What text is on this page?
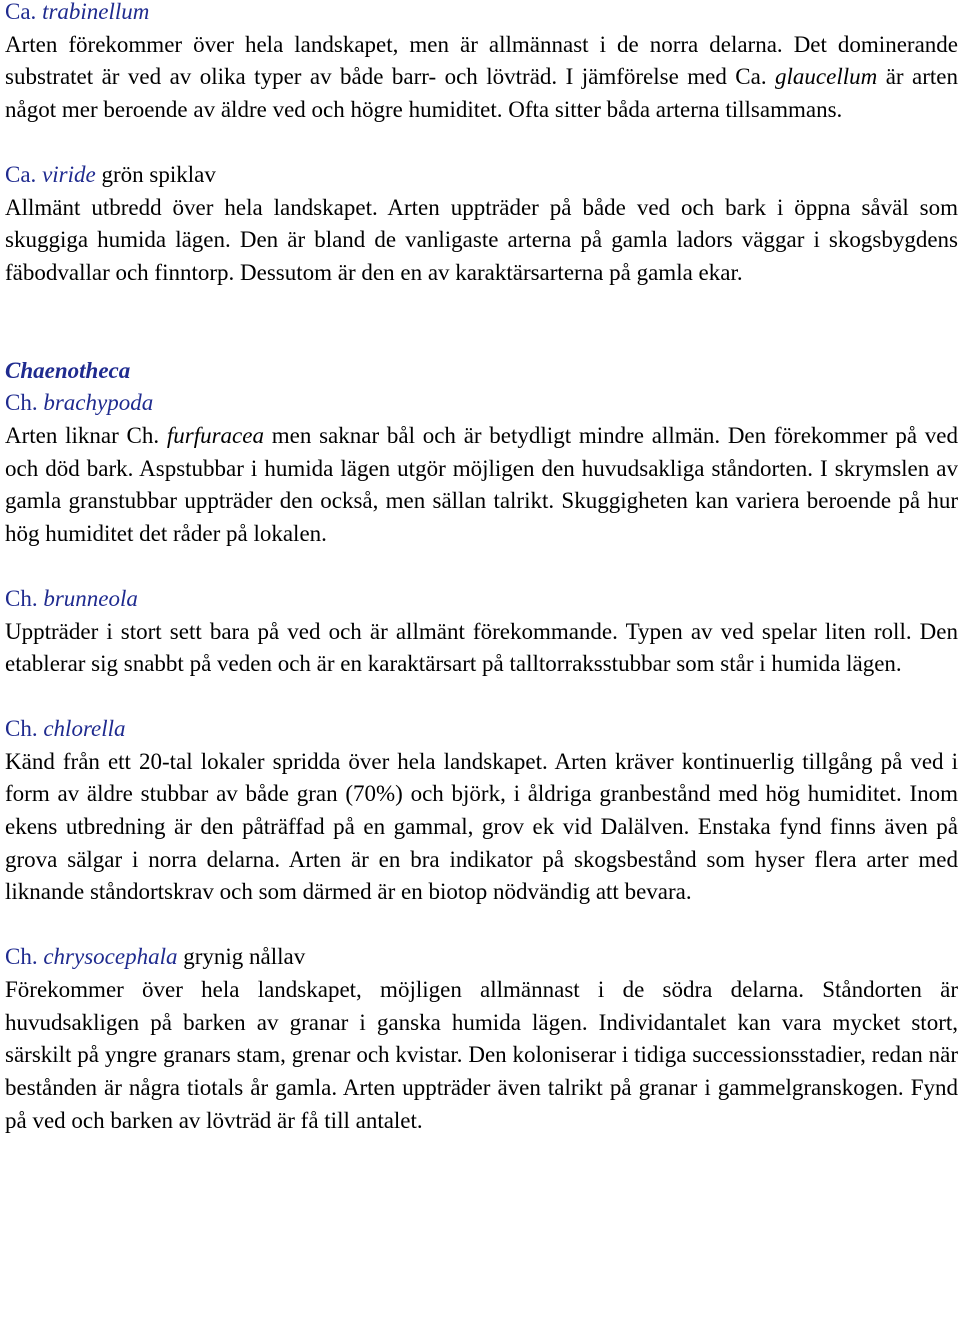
Ca. trabinellum

Arten förekommer över hela landskapet, men är allmännast i de norra delarna. Det dominerande substratet är ved av olika typer av både barr- och lövträd. I jämförelse med Ca. glaucellum är arten något mer beroende av äldre ved och högre humiditet. Ofta sitter båda arterna tillsammans.

Ca. viride grön spiklav

Allmänt utbredd över hela landskapet. Arten uppträder på både ved och bark i öppna såväl som skuggiga humida lägen. Den är bland de vanligaste arterna på gamla ladors väggar i skogsbygdens fäbodvallar och finntorp. Dessutom är den en av karaktärsarterna på gamla ekar.

Chaenotheca
Ch. brachypoda

Arten liknar Ch. furfuracea men saknar bål och är betydligt mindre allmän. Den förekommer på ved och död bark. Aspstubbar i humida lägen utgör möjligen den huvudsakliga ståndorten. I skrymslen av gamla granstubbar uppträder den också, men sällan talrikt. Skuggigheten kan variera beroende på hur hög humiditet det råder på lokalen.

Ch. brunneola

Uppträder i stort sett bara på ved och är allmänt förekommande. Typen av ved spelar liten roll. Den etablerar sig snabbt på veden och är en karaktärsart på talltorraksstubbar som står i humida lägen.

Ch. chlorella

Känd från ett 20-tal lokaler spridda över hela landskapet. Arten kräver kontinuerlig tillgång på ved i form av äldre stubbar av både gran (70%) och björk, i åldriga granbestånd med hög humiditet. Inom ekens utbredning är den påträffad på en gammal, grov ek vid Dalälven. Enstaka fynd finns även på grova sälgar i norra delarna. Arten är en bra indikator på skogsbestånd som hyser flera arter med liknande ståndortskrav och som därmed är en biotop nödvändig att bevara.

Ch. chrysocephala grynig nållav

Förekommer över hela landskapet, möjligen allmännast i de södra delarna. Ståndorten är huvudsakligen på barken av granar i ganska humida lägen. Individantalet kan vara mycket stort, särskilt på yngre granars stam, grenar och kvistar. Den koloniserar i tidiga successionsstadier, redan när bestånden är några tiotals år gamla. Arten uppträder även talrikt på granar i gammelgranskogen. Fynd på ved och barken av lövträd är få till antalet.
